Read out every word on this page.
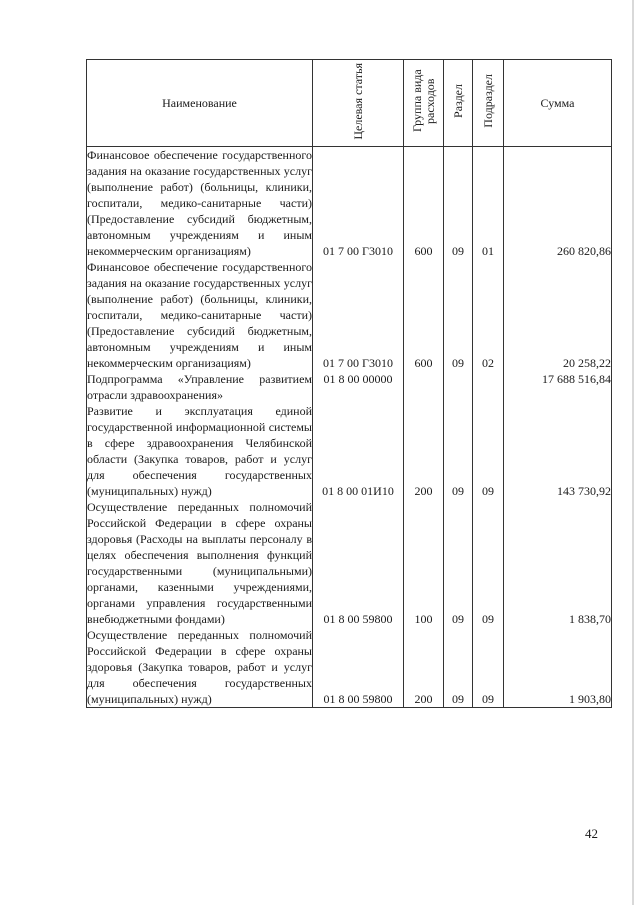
Наименование	Целевая статья	Группа вида расходов	Раздел	Подраздел	Сумма
Финансовое обеспечение государственного задания на оказание государственных услуг (выполнение работ) (больницы, клиники, госпитали, медико-санитарные части) (Предоставление субсидий бюджетным, автономным учреждениям и иным некоммерческим организациям)	01 7 00 Г3010	600	09	01	260 820,86
Финансовое обеспечение государственного задания на оказание государственных услуг (выполнение работ) (больницы, клиники, госпитали, медико-санитарные части) (Предоставление субсидий бюджетным, автономным учреждениям и иным некоммерческим организациям)	01 7 00 Г3010	600	09	02	20 258,22
Подпрограмма «Управление развитием отрасли здравоохранения»	01 8 00 00000				17 688 516,84
Развитие и эксплуатация единой государственной информационной системы в сфере здравоохранения Челябинской области (Закупка товаров, работ и услуг для обеспечения государственных (муниципальных) нужд)	01 8 00 01И10	200	09	09	143 730,92
Осуществление переданных полномочий Российской Федерации в сфере охраны здоровья (Расходы на выплаты персоналу в целях обеспечения выполнения функций государственными (муниципальными) органами, казенными учреждениями, органами управления государственными внебюджетными фондами)	01 8 00 59800	100	09	09	1 838,70
Осуществление переданных полномочий Российской Федерации в сфере охраны здоровья (Закупка товаров, работ и услуг для обеспечения государственных (муниципальных) нужд)	01 8 00 59800	200	09	09	1 903,80
42
